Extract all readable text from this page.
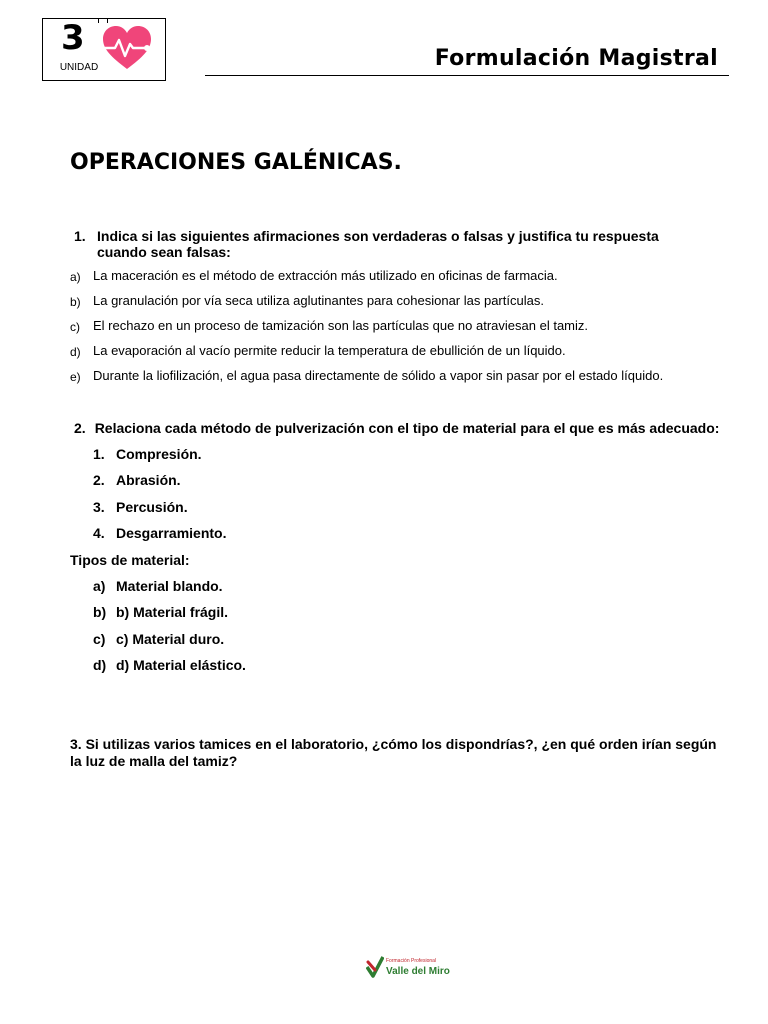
3
UNIDAD	Formulación Magistral
OPERACIONES GALÉNICAS.
1. Indica si las siguientes afirmaciones son verdaderas o falsas y justifica tu respuesta cuando sean falsas:
a) La maceración es el método de extracción más utilizado en oficinas de farmacia.
b) La granulación por vía seca utiliza aglutinantes para cohesionar las partículas.
c)	El rechazo en un proceso de tamización son las partículas que no atraviesan el tamiz.
d) La evaporación al vacío permite reducir la temperatura de ebullición de un líquido.
e) Durante la liofilización, el agua pasa directamente de sólido a vapor sin pasar por el estado líquido.
2. Relaciona cada método de pulverización con el tipo de material para el que es más adecuado:
1. Compresión.
2. Abrasión.
3. Percusión.
4. Desgarramiento.
Tipos de material:
a) Material blando.
b) b) Material frágil.
c) c) Material duro.
d) d) Material elástico.
3. Si utilizas varios tamices en el laboratorio, ¿cómo los dispondrías?, ¿en qué orden irían según la luz de malla del tamiz?
Formación Profesional
Valle del Miro
